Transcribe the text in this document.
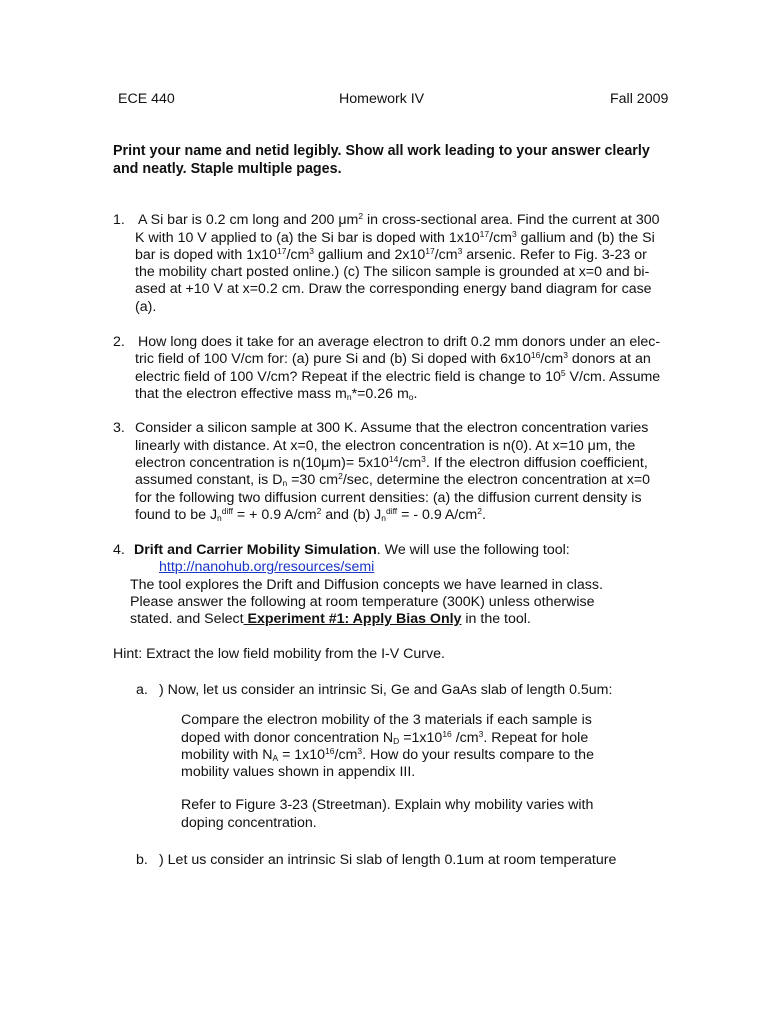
ECE 440	Homework IV	Fall 2009
Print your name and netid legibly. Show all work leading to your answer clearly
and neatly. Staple multiple pages.
1. A Si bar is 0.2 cm long and 200 $\mu m^2$ in cross-sectional area. Find the current at 300
K with 10 V applied to (a) the Si bar is doped with $1x10^{17}/cm^3$ gallium and (b) the Si
bar is doped with $1x10^{17}/cm^3$ gallium and $2x10^{17}/cm^3$ arsenic. Refer to Fig. 3-23 or
the mobility chart posted online.) (c) The silicon sample is grounded at x=0 and bi-
ased at +10 V at x=0.2 cm. Draw the corresponding energy band diagram for case
(a).
2. How long does it take for an average electron to drift 0.2 mm donors under an elec-
tric field of 100 V/cm for: (a) pure Si and (b) Si doped with $6x10^{16}/cm^3$ donors at an
electric field of 100 V/cm? Repeat if the electric field is change to $10^5$ V/cm. Assume
that the electron effective mass $m_n*=0.26$ $m_o$.
3. Consider a silicon sample at 300 K. Assume that the electron concentration varies
linearly with distance. At x=0, the electron concentration is n(0). At x=10 μm, the
electron concentration is $n(10\mu m)= 5x10^{14}/cm^3$. If the electron diffusion coefficient,
assumed constant, is $D_n =30$ $cm^2/\sec$, determine the electron concentration at x=0
for the following two diffusion current densities: (a) the diffusion current density is
found to be $J_n^{diff}$ = + 0.9 $A/cm^2$ and (b) $J_n^{diff}$ = - 0.9 $A/cm^2$.
4. Drift and Carrier Mobility Simulation. We will use the following tool:
http://nanohub.org/resources/semi
The tool explores the Drift and Diffusion concepts we have learned in class.
Please answer the following at room temperature (300K) unless otherwise
stated. and Select Experiment #1: Apply Bias Only in the tool.
Hint: Extract the low field mobility from the I-V Curve.
a. ) Now, let us consider an intrinsic Si, Ge and GaAs slab of length 0.5um:
Compare the electron mobility of the 3 materials if each sample is
doped with donor concentration $N_D =1x10^{16}$ $/cm^3$. Repeat for hole
mobility with $N_A = 1x10^{16}/cm^3$. How do your results compare to the
mobility values shown in appendix III.
Refer to Figure 3-23 (Streetman). Explain why mobility varies with
doping concentration.
b. ) Let us consider an intrinsic Si slab of length 0.1um at room temperature
